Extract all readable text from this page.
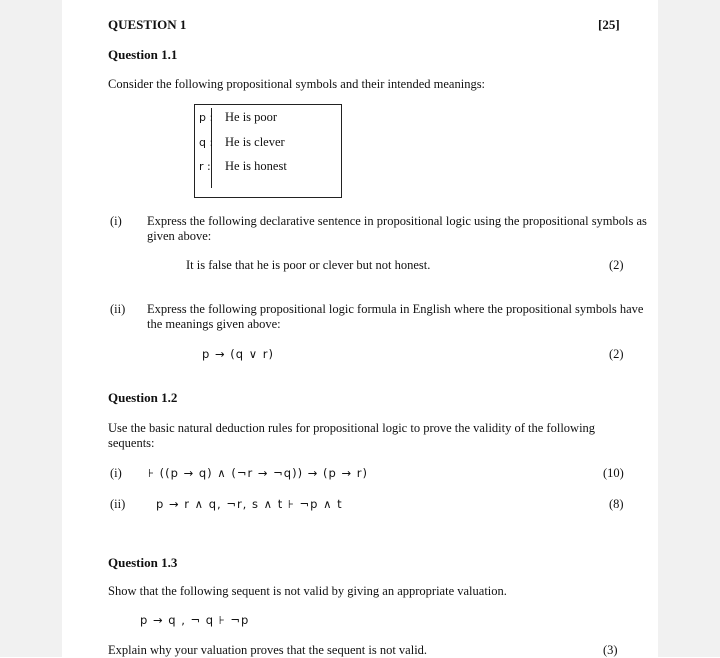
QUESTION 1	[25]
Question 1.1
Consider the following propositional symbols and their intended meanings:
p : He is poor
q : He is clever
r : He is honest
(i) Express the following declarative sentence in propositional logic using the propositional symbols as given above:
It is false that he is poor or clever but not honest.	(2)
(ii) Express the following propositional logic formula in English where the propositional symbols have the meanings given above:
p → (q ∨ r)	(2)
Question 1.2
Use the basic natural deduction rules for propositional logic to prove the validity of the following sequents:
(i) ⊦ ((p → q) ∧ (¬r → ¬q)) → (p → r)	(10)
(ii)	p → r ∧ q, ¬r, s ∧ t ⊦ ¬p ∧ t	(8)
Question 1.3
Show that the following sequent is not valid by giving an appropriate valuation.
p → q , ¬ q ⊦ ¬p
Explain why your valuation proves that the sequent is not valid.	(3)
